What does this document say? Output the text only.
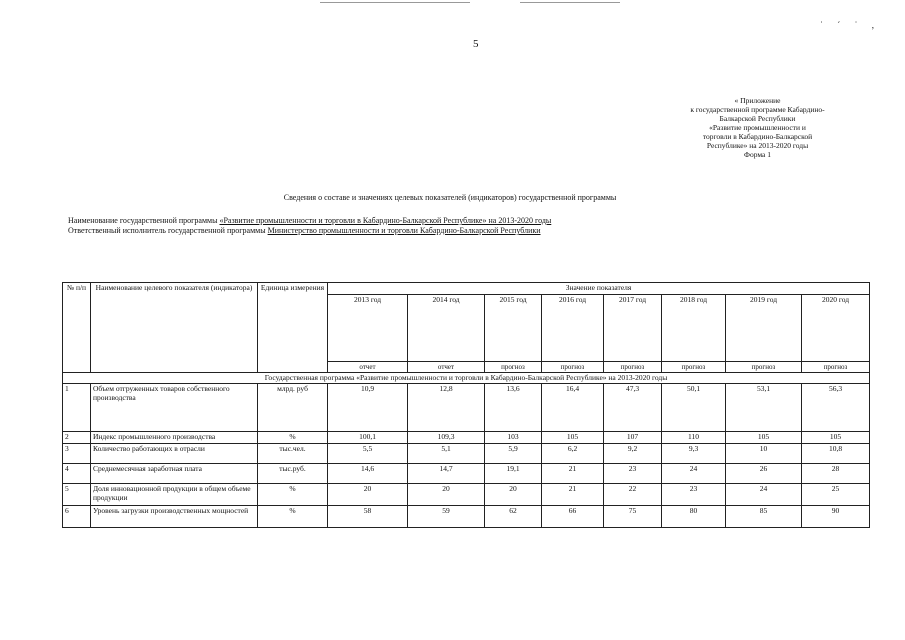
˙ ´ ˙ ,
5
« Приложение
к государственной программе Кабардино-
Балкарской Республики
«Развитие промышленности и
торговли в Кабардино-Балкарской
Республике» на 2013-2020 годы
Форма 1
Сведения о составе и значениях целевых показателей (индикаторов) государственной программы
Наименование государственной программы «Развитие промышленности и торговли в Кабардино-Балкарской Республике» на 2013-2020 годы
Ответственный исполнитель государственной программы Министерство промышленности и торговли Кабардино-Балкарской Республики
№ п/п	Наименование целевого показателя (индикатора)	Единица измерения	Значение показателя							
			2013 год	2014 год	2015 год	2016 год	2017 год	2018 год	2019 год	2020 год
			отчет	отчет	прогноз	прогноз	прогноз	прогноз	прогноз	прогноз
Государственная программа «Развитие промышленности и торговли в Кабардино-Балкарской Республике» на 2013-2020 годы										
1	Объем отгруженных товаров собственного производства	млрд. руб	10,9	12,8	13,6	16,4	47,3	50,1	53,1	56,3
2	Индекс промышленного производства	%	100,1	109,3	103	105	107	110	105	105
3	Количество работающих в отрасли	тыс.чел.	5,5	5,1	5,9	6,2	9,2	9,3	10	10,8
4	Среднемесячная заработная плата	тыс.руб.	14,6	14,7	19,1	21	23	24	26	28
5	Доля инновационной продукции в общем объеме продукции	%	20	20	20	21	22	23	24	25
6	Уровень загрузки производственных мощностей	%	58	59	62	66	75	80	85	90
